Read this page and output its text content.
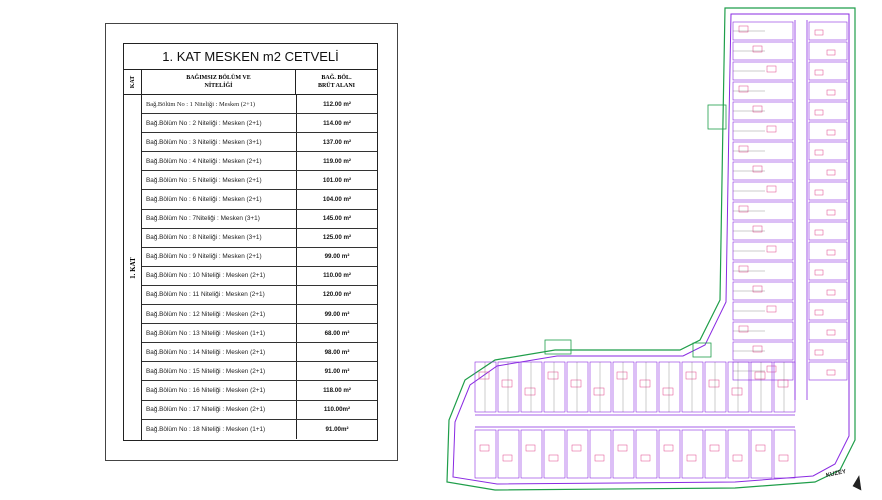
1. KAT MESKEN m2 CETVELİ
KAT	BAĞIMSIZ BÖLÜM VE
NİTELİĞİ
BAĞ. BÖL.
BRÜT ALANI
1. KAT
Bağ.Bölüm No : 1 Niteliği : Mesken (2+1)	112.00 m²
Bağ.Bölüm No : 2 Niteliği : Mesken (2+1)	114.00 m²
Bağ.Bölüm No : 3 Niteliği : Mesken (3+1)	137.00 m²
Bağ.Bölüm No : 4 Niteliği : Mesken (2+1)	119.00 m²
Bağ.Bölüm No : 5 Niteliği : Mesken (2+1)	101.00 m²
Bağ.Bölüm No : 6 Niteliği : Mesken (2+1)	104.00 m²
Bağ.Bölüm No : 7Niteliği : Mesken (3+1)	145.00 m²
Bağ.Bölüm No : 8 Niteliği : Mesken (3+1)	125.00 m²
Bağ.Bölüm No : 9 Niteliği : Mesken (2+1)	99.00 m²
Bağ.Bölüm No : 10 Niteliği : Mesken (2+1)	110.00 m²
Bağ.Bölüm No : 11 Niteliği : Mesken (2+1)	120.00 m²
Bağ.Bölüm No : 12 Niteliği : Mesken (2+1)	99.00 m²
Bağ.Bölüm No : 13 Niteliği : Mesken (1+1)	68.00 m²
Bağ.Bölüm No : 14 Niteliği : Mesken (2+1)	98.00 m²
Bağ.Bölüm No : 15 Niteliği : Mesken (2+1)	91.00 m²
Bağ.Bölüm No : 16 Niteliği : Mesken (2+1)	118.00 m²
Bağ.Bölüm No : 17 Niteliği : Mesken (2+1)	110.00m²
Bağ.Bölüm No : 18 Niteliği : Mesken (1+1)	91.00m²
KUZEY
